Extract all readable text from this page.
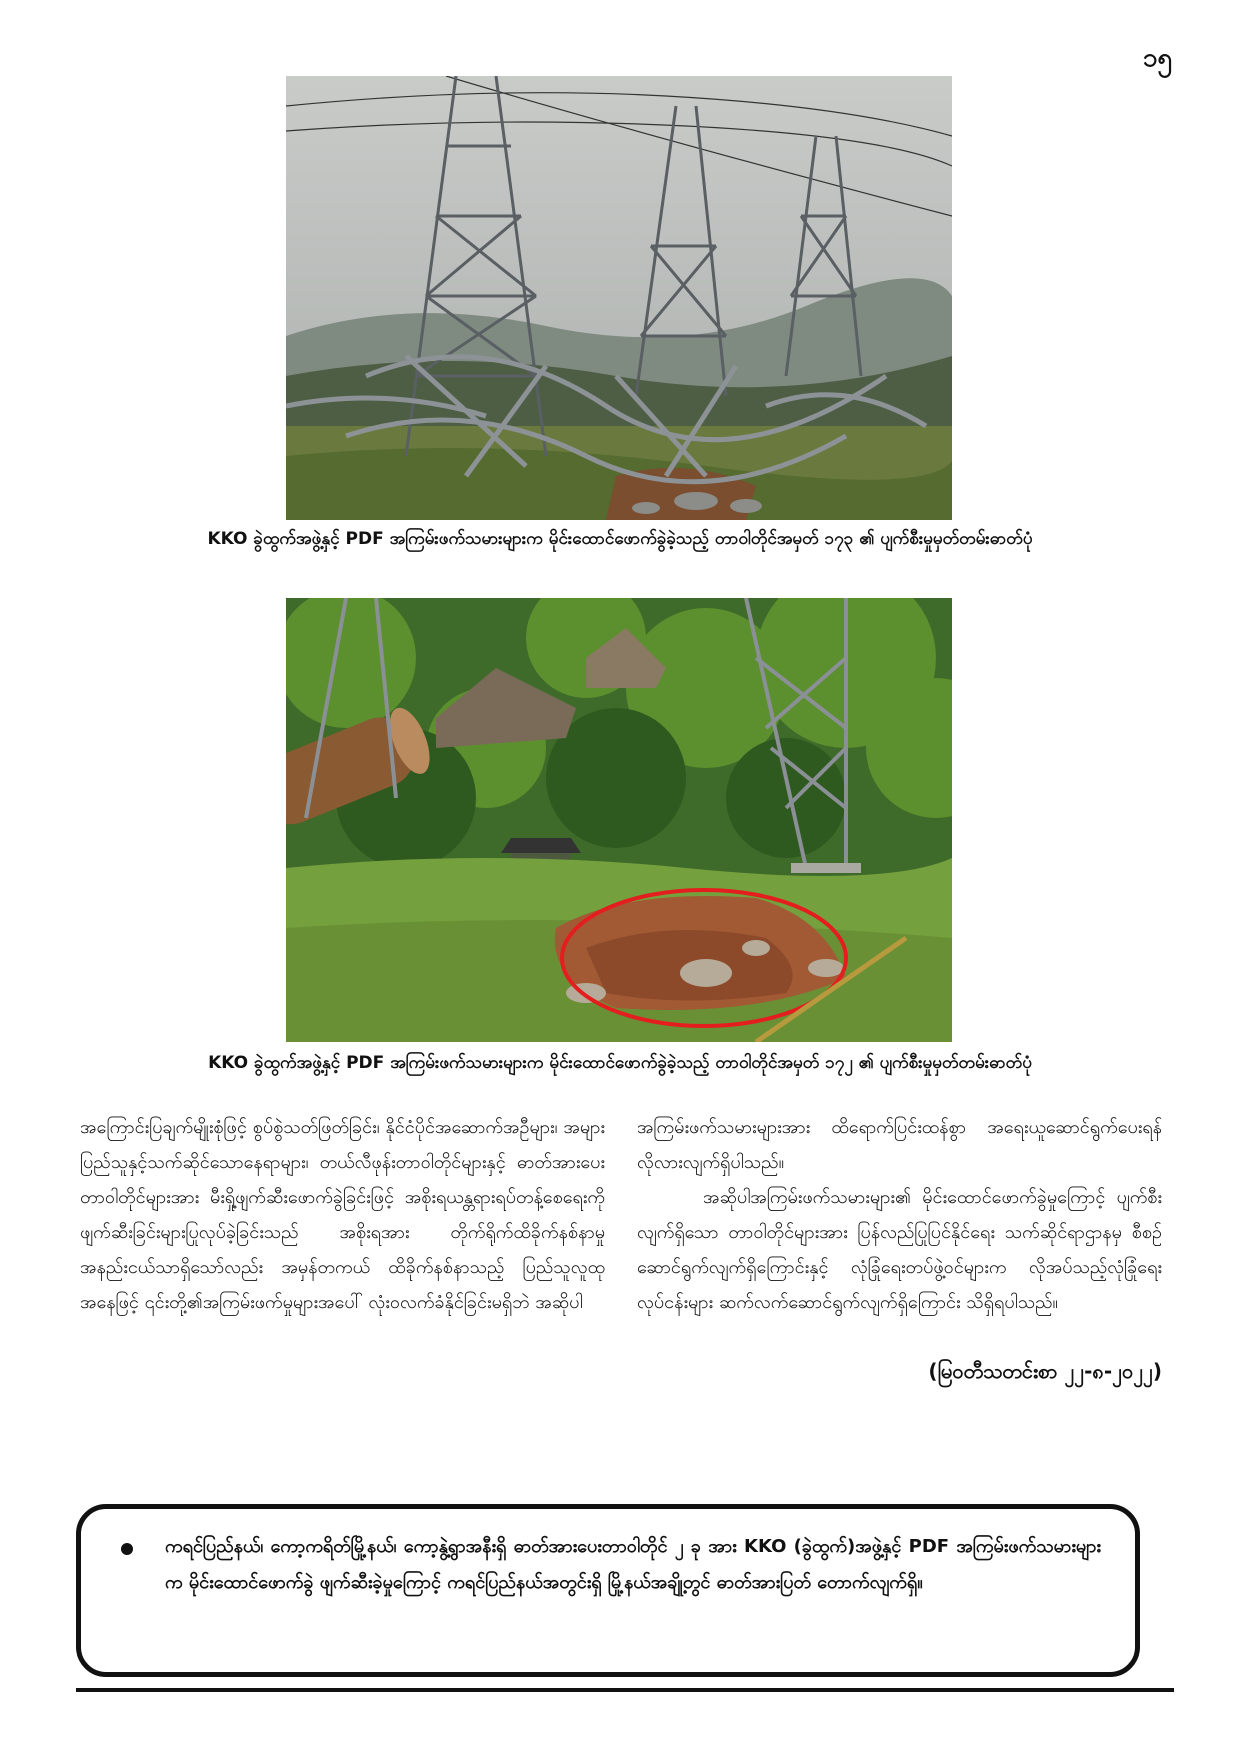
၁၅
KKO ခွဲထွက်အဖွဲ့နှင့် PDF အကြမ်းဖက်သမားများက မိုင်းထောင်ဖောက်ခွဲခဲ့သည့် တာဝါတိုင်အမှတ် ၁၇၃ ၏ ပျက်စီးမှုမှတ်တမ်းဓာတ်ပုံ
KKO ခွဲထွက်အဖွဲ့နှင့် PDF အကြမ်းဖက်သမားများက မိုင်းထောင်ဖောက်ခွဲခဲ့သည့် တာဝါတိုင်အမှတ် ၁၇၂ ၏ ပျက်စီးမှုမှတ်တမ်းဓာတ်ပုံ

အကြောင်းပြချက်မျိုးစုံဖြင့် စွပ်စွဲသတ်ဖြတ်ခြင်း၊ နိုင်ငံပိုင်အဆောက်အဦများ၊ အများပြည်သူနှင့်သက်ဆိုင်သောနေရာများ၊ တယ်လီဖုန်းတာဝါတိုင်များနှင့် ဓာတ်အားပေးတာဝါတိုင်များအား မီးရှို့ဖျက်ဆီးဖောက်ခွဲခြင်းဖြင့် အစိုးရယန္တရားရပ်တန့်စေရေးကို ဖျက်ဆီးခြင်းများပြုလုပ်ခဲ့ခြင်းသည် အစိုးရအား တိုက်ရိုက်ထိခိုက်နစ်နာမှု အနည်းငယ်သာရှိသော်လည်း အမှန်တကယ် ထိခိုက်နစ်နာသည့် ပြည်သူလူထုအနေဖြင့် ၎င်းတို့၏အကြမ်းဖက်မှုများအပေါ် လုံးဝလက်ခံနိုင်ခြင်းမရှိဘဲ အဆိုပါ

အကြမ်းဖက်သမားများအား ထိရောက်ပြင်းထန်စွာ အရေးယူဆောင်ရွက်ပေးရန် လိုလားလျက်ရှိပါသည်။

အဆိုပါအကြမ်းဖက်သမားများ၏ မိုင်းထောင်ဖောက်ခွဲမှုကြောင့် ပျက်စီးလျက်ရှိသော တာဝါတိုင်များအား ပြန်လည်ပြုပြင်နိုင်ရေး သက်ဆိုင်ရာဌာနမှ စီစဉ်ဆောင်ရွက်လျက်ရှိကြောင်းနှင့် လုံခြုံရေးတပ်ဖွဲ့ဝင်များက လိုအပ်သည့်လုံခြုံရေးလုပ်ငန်းများ ဆက်လက်ဆောင်ရွက်လျက်ရှိကြောင်း သိရှိရပါသည်။

(မြဝတီသတင်းစာ ၂၂-၈-၂၀၂၂)
ကရင်ပြည်နယ်၊ ကော့ကရိတ်မြို့နယ်၊ ကော့နွဲ့ရွာအနီးရှိ ဓာတ်အားပေးတာဝါတိုင် ၂ ခု အား KKO (ခွဲထွက်)အဖွဲ့နှင့် PDF အကြမ်းဖက်သမားများက မိုင်းထောင်ဖောက်ခွဲ ဖျက်ဆီးခဲ့မှုကြောင့် ကရင်ပြည်နယ်အတွင်းရှိ မြို့နယ်အချို့တွင် ဓာတ်အားပြတ် တောက်လျက်ရှိ။
